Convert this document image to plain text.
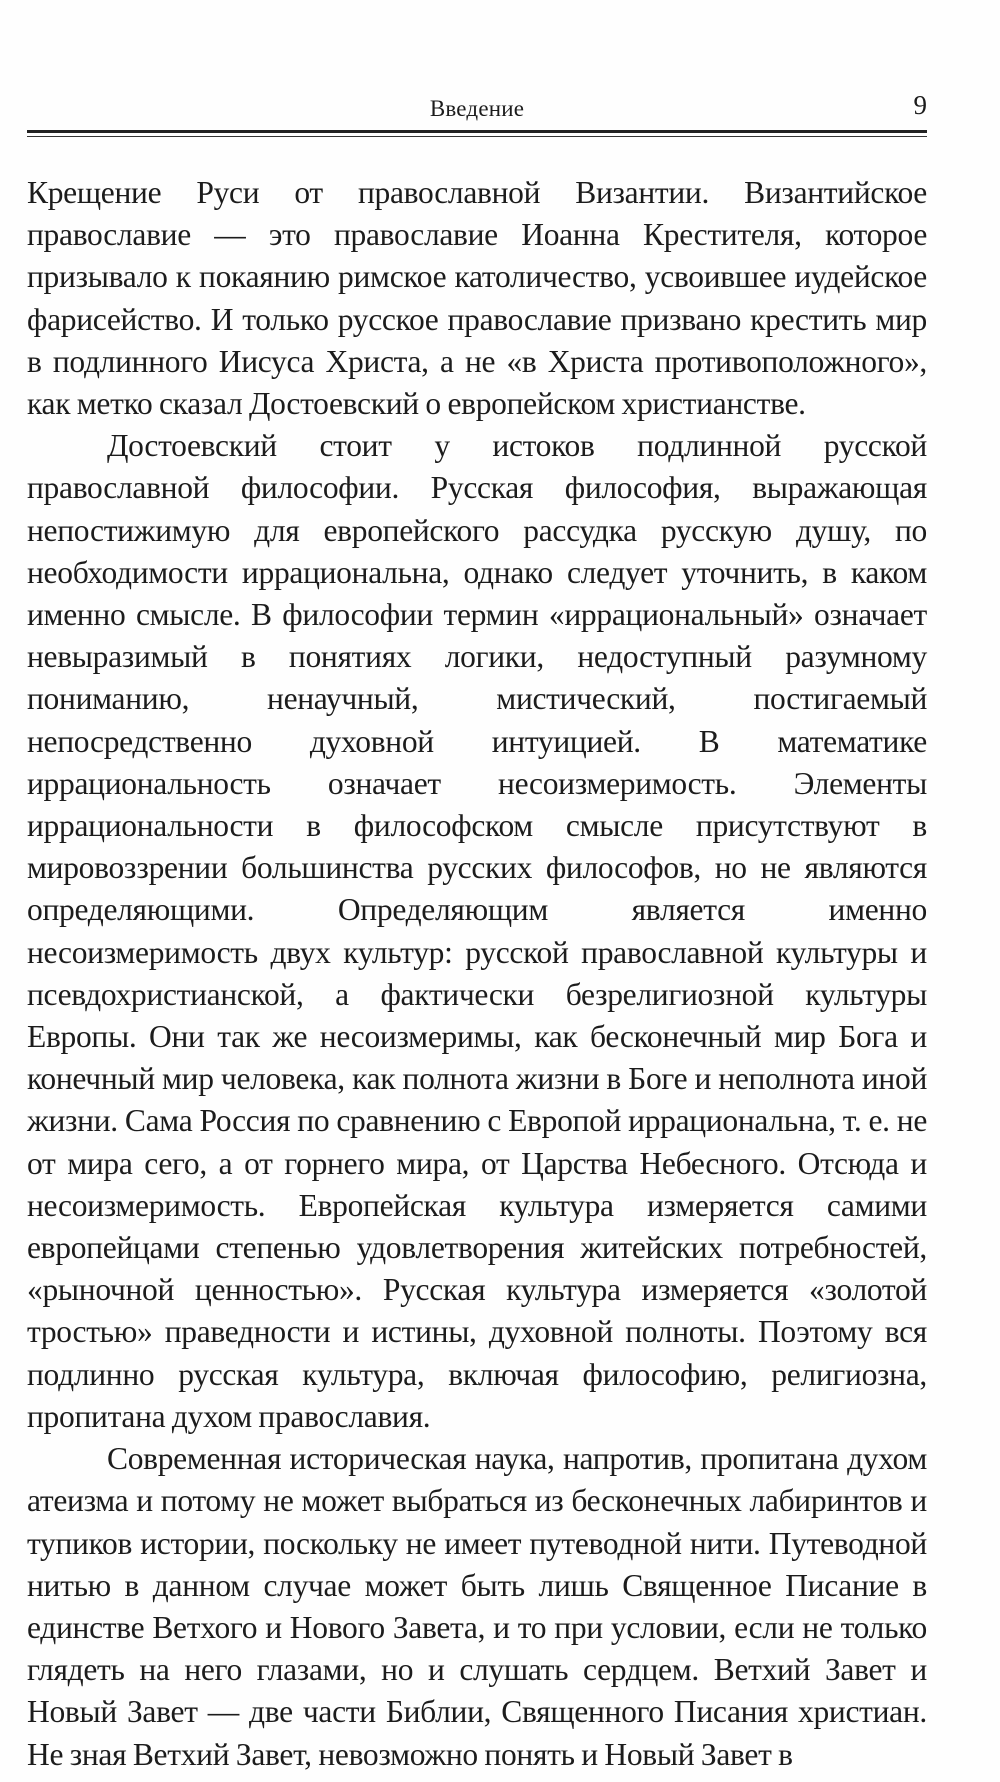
Введение	9

Крещение Руси от православной Византии. Византийское православие — это православие Иоанна Крестителя, которое призывало к покаянию римское католичество, усвоившее иудейское фарисейство. И только русское православие призвано крестить мир в подлинного Иисуса Христа, а не «в Христа противоположного», как метко сказал Достоевский о европейском христианстве.

Достоевский стоит у истоков подлинной русской православной философии. Русская философия, выражающая непостижимую для европейского рассудка русскую душу, по необходимости иррациональна, однако следует уточнить, в каком именно смысле. В философии термин «иррациональный» означает невыразимый в понятиях логики, недоступный разумному пониманию, ненаучный, мистический, постигаемый непосредственно духовной интуицией. В математике иррациональность означает несоизмеримость. Элементы иррациональности в философском смысле присутствуют в мировоззрении большинства русских философов, но не являются определяющими. Определяющим является именно несоизмеримость двух культур: русской православной культуры и псевдохристианской, а фактически безрелигиозной культуры Европы. Они так же несоизмеримы, как бесконечный мир Бога и конечный мир человека, как полнота жизни в Боге и неполнота иной жизни. Сама Россия по сравнению с Европой иррациональна, т. е. не от мира сего, а от горнего мира, от Царства Небесного. Отсюда и несоизмеримость. Европейская культура измеряется самими европейцами степенью удовлетворения житейских потребностей, «рыночной ценностью». Русская культура измеряется «золотой тростью» праведности и истины, духовной полноты. Поэтому вся подлинно русская культура, включая философию, религиозна, пропитана духом православия.

Современная историческая наука, напротив, пропитана духом атеизма и потому не может выбраться из бесконечных лабиринтов и тупиков истории, поскольку не имеет путеводной нити. Путеводной нитью в данном случае может быть лишь Священное Писание в единстве Ветхого и Нового Завета, и то при условии, если не только глядеть на него глазами, но и слушать сердцем. Ветхий Завет и Новый Завет — две части Библии, Священного Писания христиан. Не зная Ветхий Завет, невозможно понять и Новый Завет в
